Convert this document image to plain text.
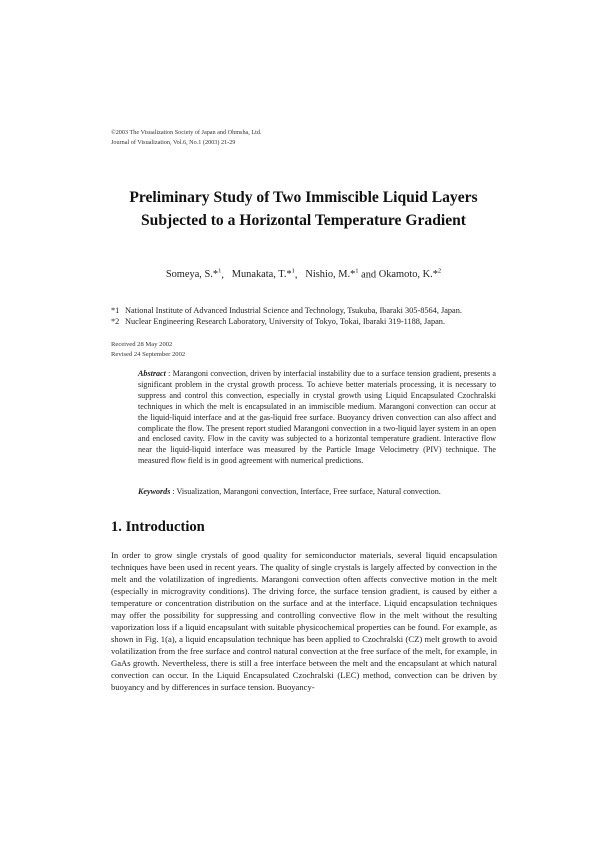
©2003 The Visualization Society of Japan and Ohmsha, Ltd.
Journal of Visualization, Vol.6, No.1 (2003) 21-29
Preliminary Study of Two Immiscible Liquid Layers
Subjected to a Horizontal Temperature Gradient
Someya, S.*$^1$, Munakata, T.*$^1$, Nishio, M.*$^1$ and Okamoto, K.*$^2$
*1 National Institute of Advanced Industrial Science and Technology, Tsukuba, Ibaraki 305-8564, Japan.
*2 Nuclear Engineering Research Laboratory, University of Tokyo, Tokai, Ibaraki 319-1188, Japan.
Received 28 May 2002
Revised 24 September 2002
Abstract : Marangoni convection, driven by interfacial instability due to a surface tension gradient, presents a significant problem in the crystal growth process. To achieve better materials processing, it is necessary to suppress and control this convection, especially in crystal growth using Liquid Encapsulated Czochralski techniques in which the melt is encapsulated in an immiscible medium. Marangoni convection can occur at the liquid-liquid interface and at the gas-liquid free surface. Buoyancy driven convection can also affect and complicate the flow. The present report studied Marangoni convection in a two-liquid layer system in an open and enclosed cavity. Flow in the cavity was subjected to a horizontal temperature gradient. Interactive flow near the liquid-liquid interface was measured by the Particle Image Velocimetry (PIV) technique. The measured flow field is in good agreement with numerical predictions.
Keywords : Visualization, Marangoni convection, Interface, Free surface, Natural convection.
1. Introduction
In order to grow single crystals of good quality for semiconductor materials, several liquid encapsulation techniques have been used in recent years. The quality of single crystals is largely affected by convection in the melt and the volatilization of ingredients. Marangoni convection often affects convective motion in the melt (especially in microgravity conditions). The driving force, the surface tension gradient, is caused by either a temperature or concentration distribution on the surface and at the interface. Liquid encapsulation techniques may offer the possibility for suppressing and controlling convective flow in the melt without the resulting vaporization loss if a liquid encapsulant with suitable physicochemical properties can be found. For example, as shown in Fig. 1(a), a liquid encapsulation technique has been applied to Czochralski (CZ) melt growth to avoid volatilization from the free surface and control natural convection at the free surface of the melt, for example, in GaAs growth. Nevertheless, there is still a free interface between the melt and the encapsulant at which natural convection can occur. In the Liquid Encapsulated Czochralski (LEC) method, convection can be driven by buoyancy and by differences in surface tension. Buoyancy-
